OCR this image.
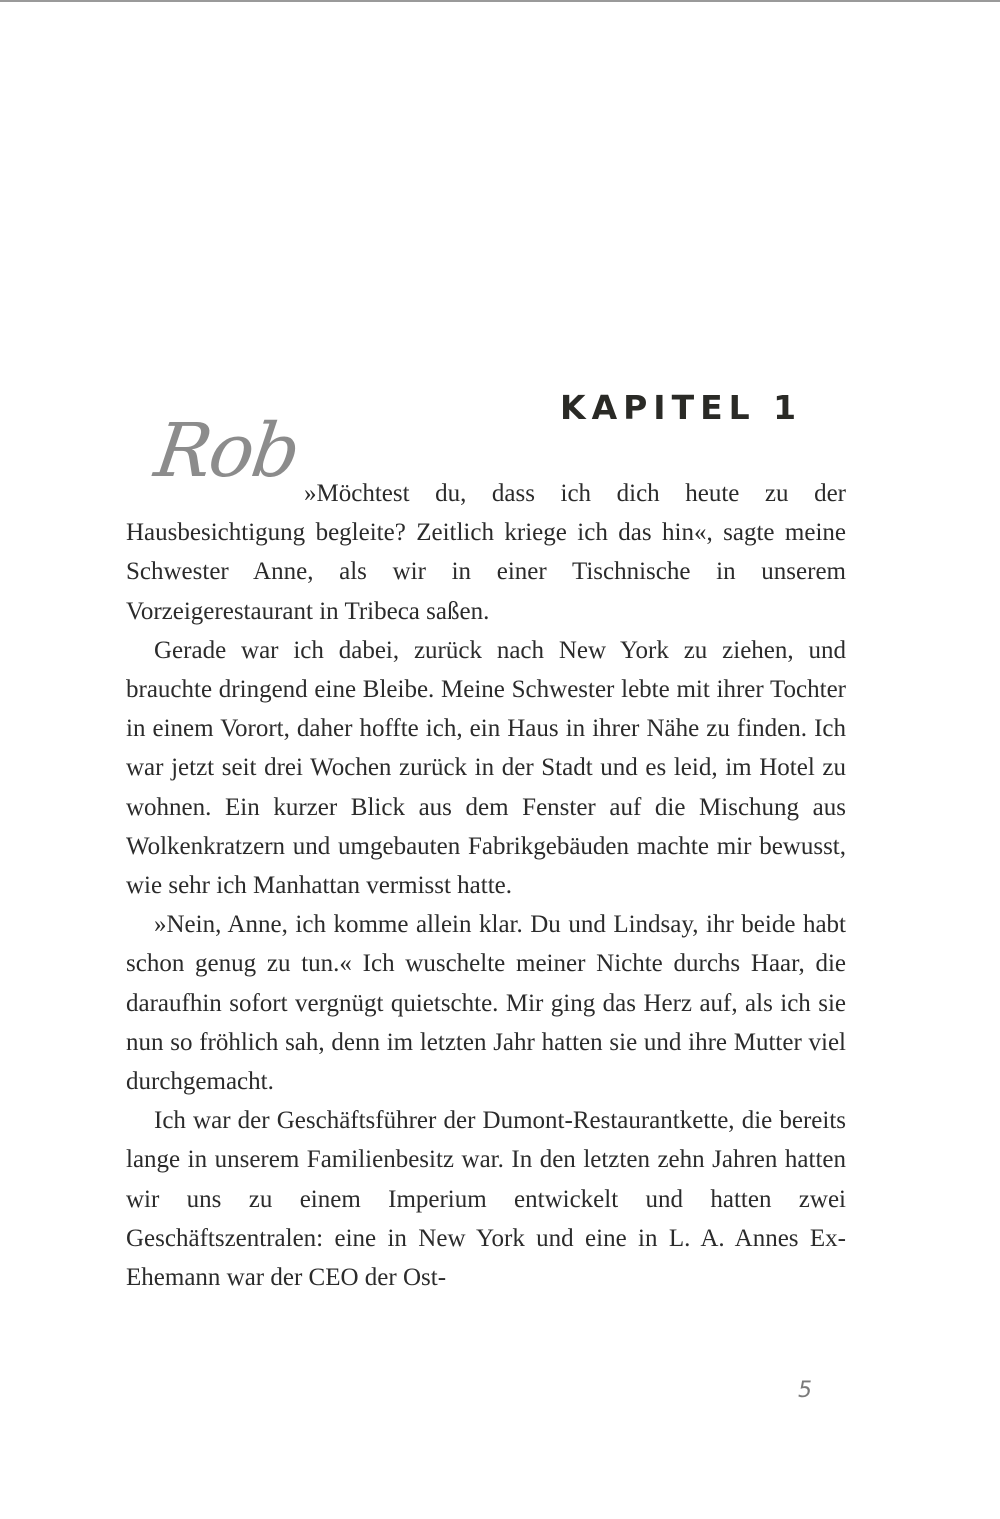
KAPITEL 1
Rob »Möchtest du, dass ich dich heute zu der Hausbesichtigung begleite? Zeitlich kriege ich das hin«, sagte meine Schwester Anne, als wir in einer Tischnische in unserem Vorzeigerestaurant in Tribeca saßen.

Gerade war ich dabei, zurück nach New York zu ziehen, und brauchte dringend eine Bleibe. Meine Schwester lebte mit ihrer Tochter in einem Vorort, daher hoffte ich, ein Haus in ihrer Nähe zu finden. Ich war jetzt seit drei Wochen zurück in der Stadt und es leid, im Hotel zu wohnen. Ein kurzer Blick aus dem Fenster auf die Mischung aus Wolkenkratzern und umgebauten Fabrikgebäuden machte mir bewusst, wie sehr ich Manhattan vermisst hatte.

»Nein, Anne, ich komme allein klar. Du und Lindsay, ihr beide habt schon genug zu tun.« Ich wuschelte meiner Nichte durchs Haar, die daraufhin sofort vergnügt quietschte. Mir ging das Herz auf, als ich sie nun so fröhlich sah, denn im letzten Jahr hatten sie und ihre Mutter viel durchgemacht.

Ich war der Geschäftsführer der Dumont-Restaurantkette, die bereits lange in unserem Familienbesitz war. In den letzten zehn Jahren hatten wir uns zu einem Imperium entwickelt und hatten zwei Geschäftszentralen: eine in New York und eine in L. A. Annes Ex-Ehemann war der CEO der Ost-

5
